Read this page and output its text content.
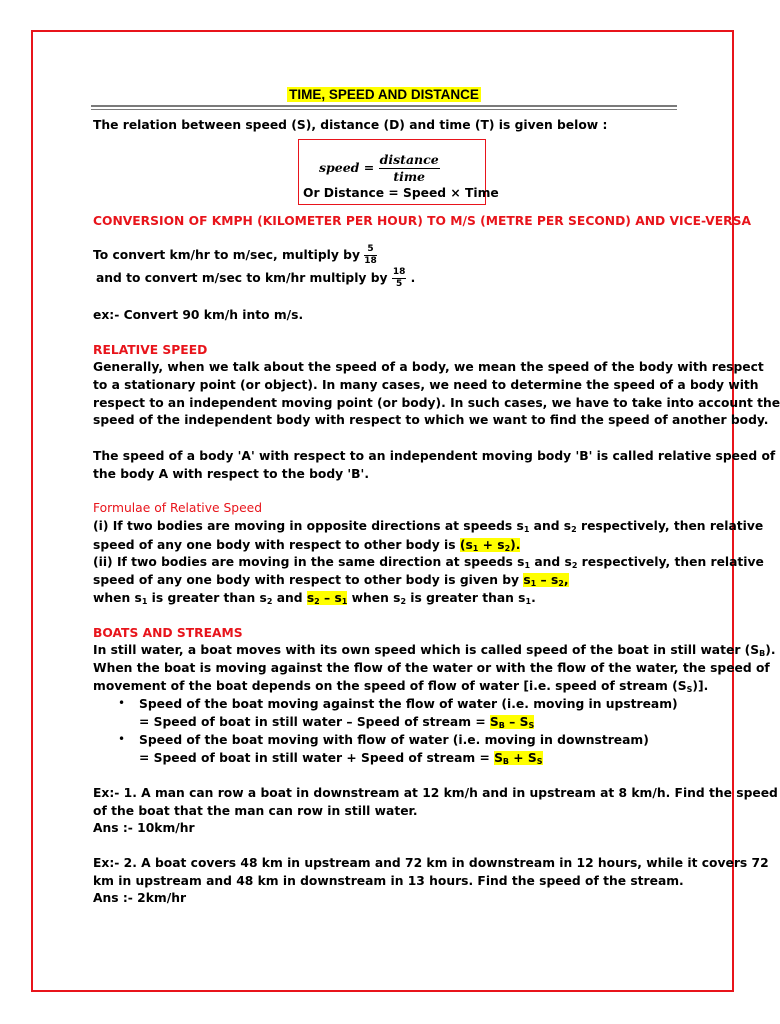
TIME, SPEED AND DISTANCE
The relation between speed (S), distance (D) and time (T) is given below :
speed = $\frac{\text{distance}}{\text{time}}$
Or Distance = Speed × Time
CONVERSION OF KMPH (KILOMETER PER HOUR) TO M/S (METRE PER SECOND) AND VICE-VERSA
To convert km/hr to m/sec, multiply by $\frac{5}{18}$
and to convert m/sec to km/hr multiply by $\frac{18}{5}$ .
ex:- Convert 90 km/h into m/s.
RELATIVE SPEED
Generally, when we talk about the speed of a body, we mean the speed of the body with respect
to a stationary point (or object). In many cases, we need to determine the speed of a body with
respect to an independent moving point (or body). In such cases, we have to take into account the
speed of the independent body with respect to which we want to find the speed of another body.
The speed of a body 'A' with respect to an independent moving body 'B' is called relative speed of
the body A with respect to the body 'B'.
Formulae of Relative Speed
(i) If two bodies are moving in opposite directions at speeds $s_1$ and $s_2$ respectively, then relative
speed of any one body with respect to other body is $(s_1 + s_2)$.
(ii) If two bodies are moving in the same direction at speeds $s_1$ and $s_2$ respectively, then relative
speed of any one body with respect to other body is given by $s_1 - s_2$,
when $s_1$ is greater than $s_2$ and $s_2 - s_1$ when $s_2$ is greater than $s_1$.
BOATS AND STREAMS
In still water, a boat moves with its own speed which is called speed of the boat in still water $(S_B)$.
When the boat is moving against the flow of the water or with the flow of the water, the speed of
movement of the boat depends on the speed of flow of water [i.e. speed of stream $(S_S)$].
• Speed of the boat moving against the flow of water (i.e. moving in upstream)
= Speed of boat in still water – Speed of stream = $S_B - S_S$
• Speed of the boat moving with flow of water (i.e. moving in downstream)
= Speed of boat in still water + Speed of stream = $S_B + S_S$
Ex:- 1. A man can row a boat in downstream at 12 km/h and in upstream at 8 km/h. Find the speed
of the boat that the man can row in still water.
Ans :- 10km/hr
Ex:- 2. A boat covers 48 km in upstream and 72 km in downstream in 12 hours, while it covers 72
km in upstream and 48 km in downstream in 13 hours. Find the speed of the stream.
Ans :- 2km/hr
